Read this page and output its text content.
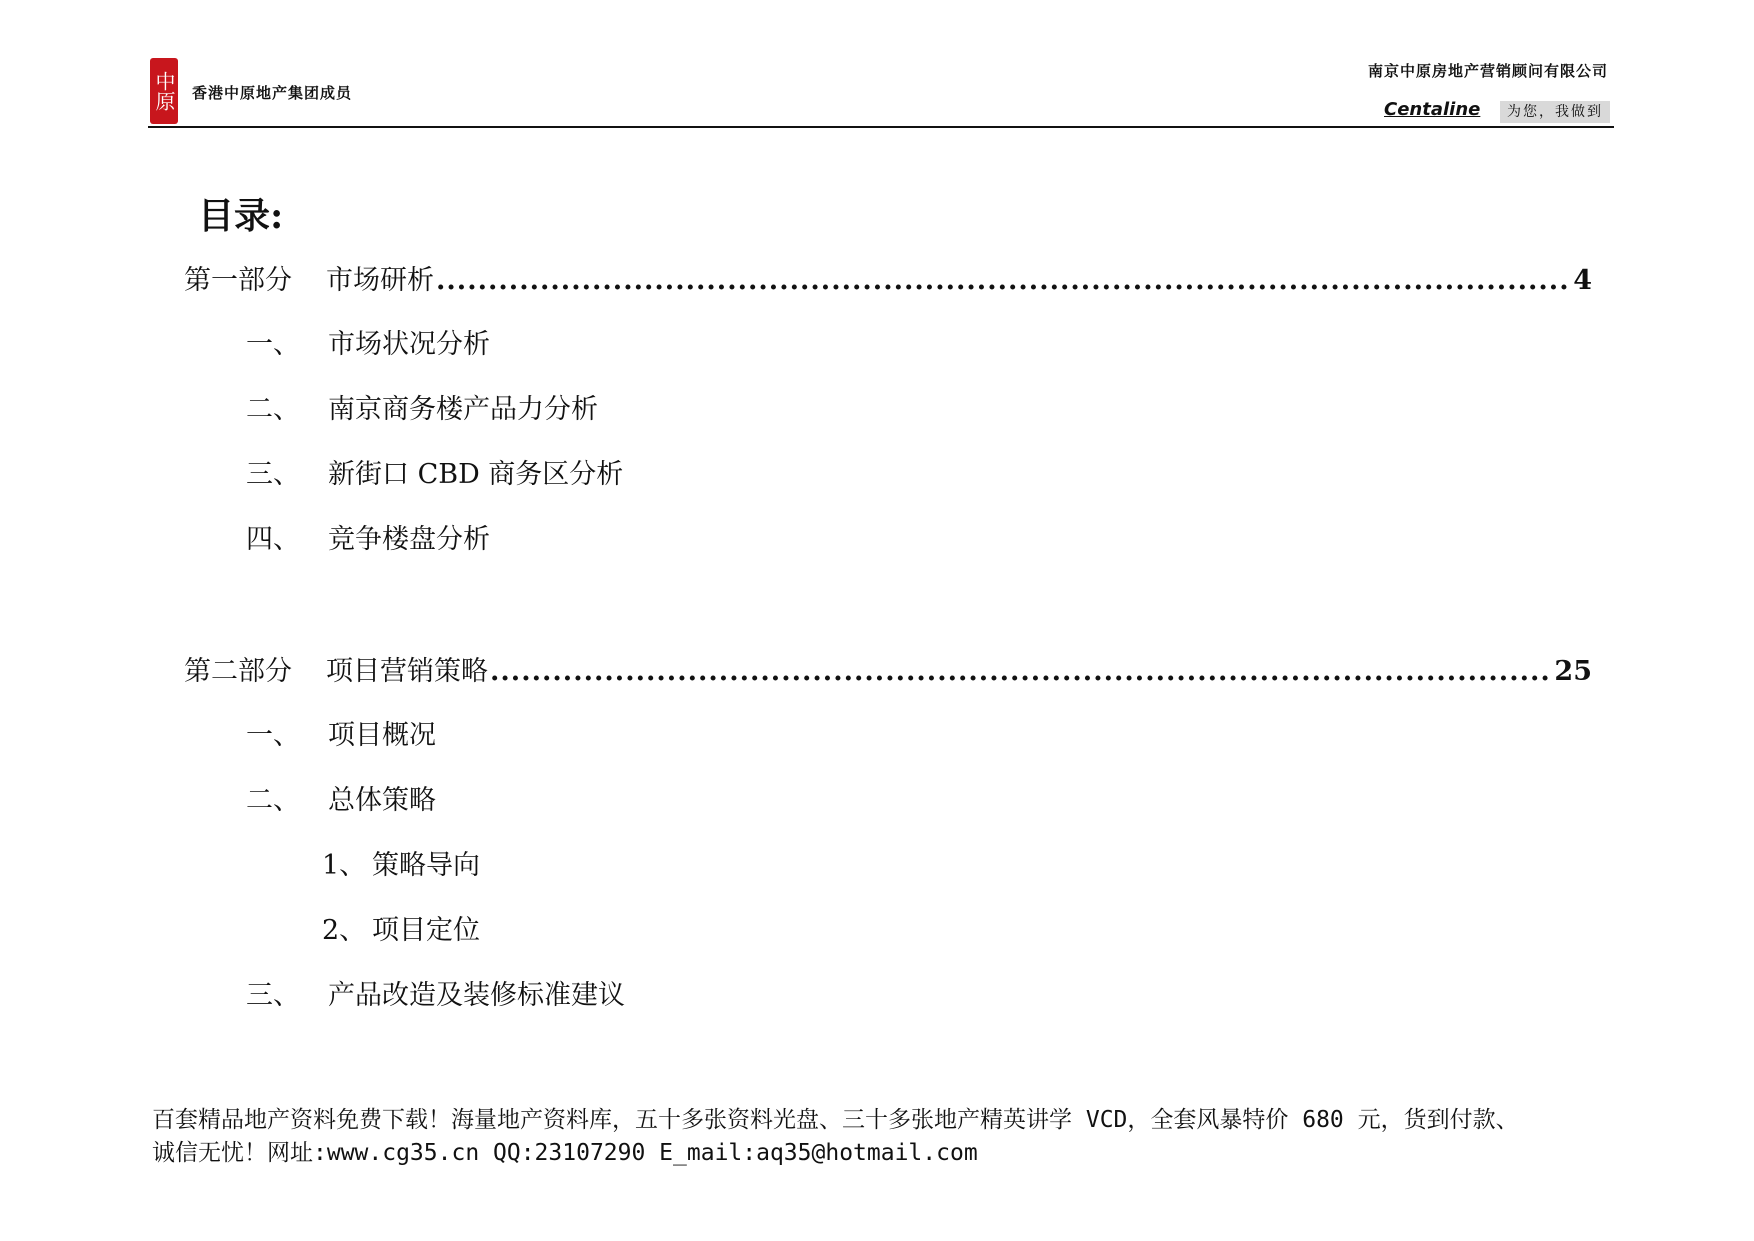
中原 香港中原地产集团成员
南京中原房地产营销顾问有限公司
Centaline	为您，我做到
目录:
第一部分 市场研析 .....	4
一、 市场状况分析
二、 南京商务楼产品力分析
三、 新街口 CBD 商务区分析
四、 竞争楼盘分析
第二部分 项目营销策略 .....	25
一、 项目概况
二、 总体策略
1、 策略导向
2、 项目定位
三、 产品改造及装修标准建议
百套精品地产资料免费下载！海量地产资料库，五十多张资料光盘、三十多张地产精英讲学 VCD，全套风暴特价 680 元，货到付款、
诚信无忧！网址:www.cg35.cn QQ:23107290 E_mail:aq35@hotmail.com
